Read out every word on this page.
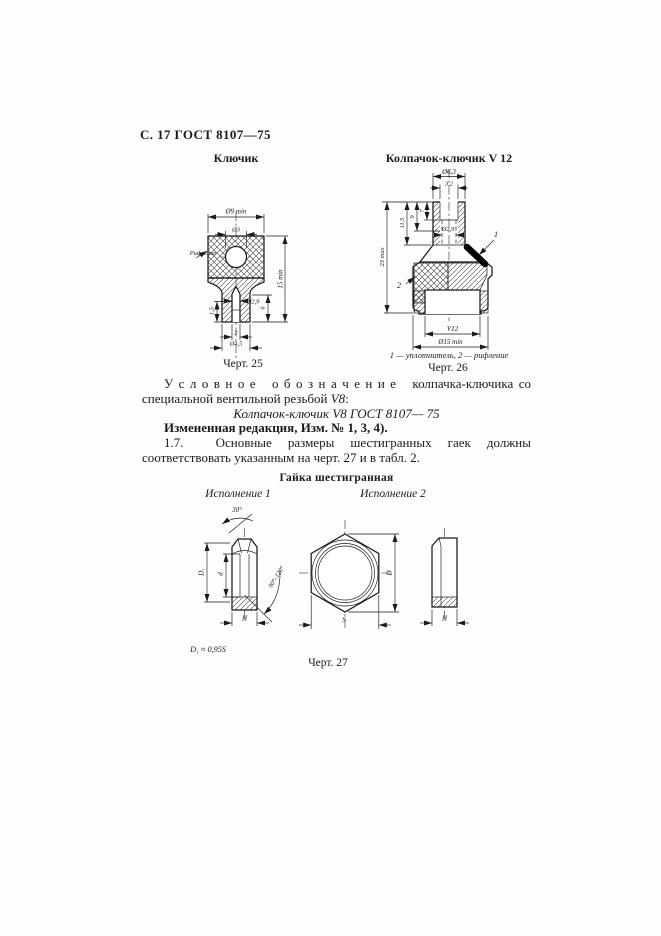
С. 17 ГОСТ 8107—75
Ключик	Колпачок-ключик V 12
Ø9 min
Ø3
Рифление
15 min
Ø2,9
1,5	6
2
Ø4,5
Черт. 25
Ø6,3
3,2
Ø2,9
1
2
7
9
11,5
23 max
V12
Ø15 min
1 — уплотнитель, 2 — рифление
Черт. 26

У с л о в н о е   о б о з н а ч е н и е   колпачка-ключика со специальной вентильной резьбой V8:

Колпачок-ключик V8 ГОСТ 8107— 75

Измененная редакция, Изм. № 1, 3, 4).

1.7.  Основные размеры шестигранных гаек должны соответствовать указанным на черт. 27 и в табл. 2.

Гайка шестигранная
Исполнение 1	Исполнение 2
30°
D₁ d	90°–120°
H
D₁ ≈ 0,95S
S
D
H
Черт. 27
